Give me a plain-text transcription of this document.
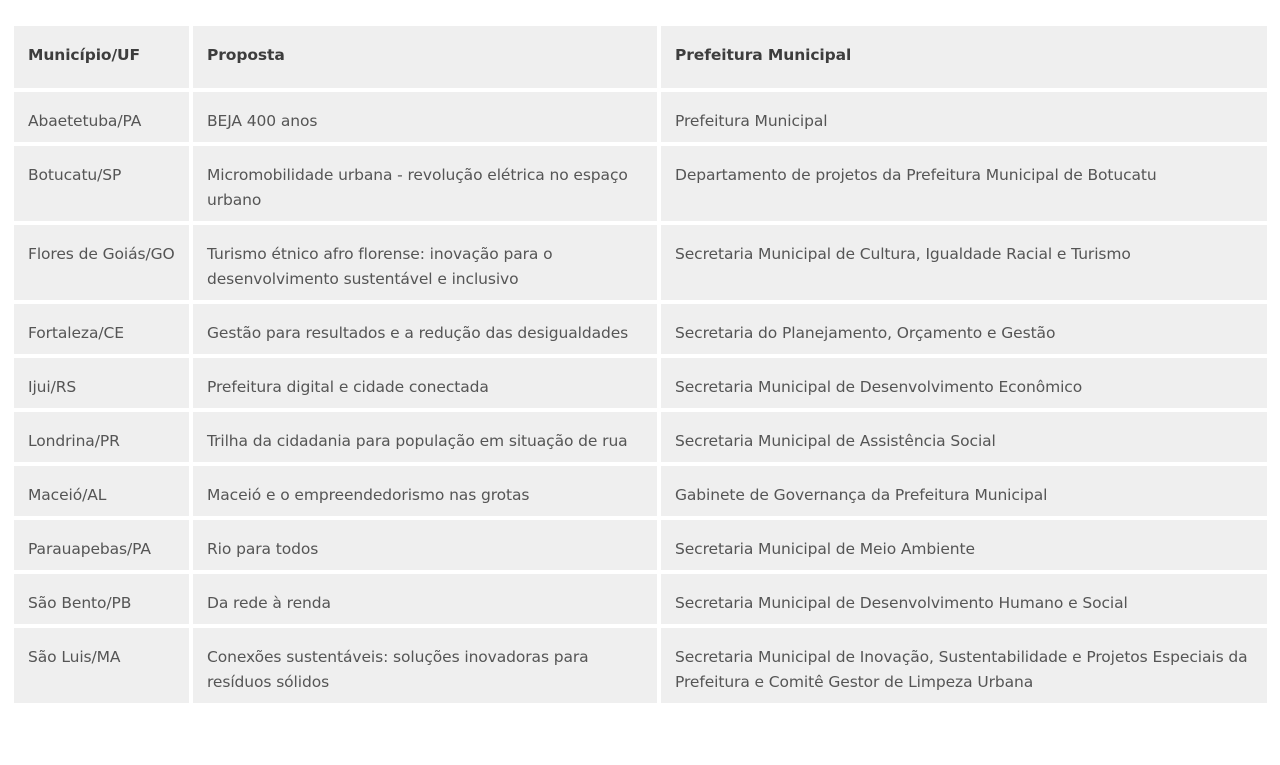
Município/UF	Proposta	Prefeitura Municipal
Abaetetuba/PA	BEJA 400 anos	Prefeitura Municipal
Botucatu/SP	Micromobilidade urbana - revolução elétrica no espaço urbano	Departamento de projetos da Prefeitura Municipal de Botucatu
Flores de Goiás/GO	Turismo étnico afro florense: inovação para o desenvolvimento sustentável e inclusivo	Secretaria Municipal de Cultura, Igualdade Racial e Turismo
Fortaleza/CE	Gestão para resultados e a redução das desigualdades	Secretaria do Planejamento, Orçamento e Gestão
Ijui/RS	Prefeitura digital e cidade conectada	Secretaria Municipal de Desenvolvimento Econômico
Londrina/PR	Trilha da cidadania para população em situação de rua	Secretaria Municipal de Assistência Social
Maceió/AL	Maceió e o empreendedorismo nas grotas	Gabinete de Governança da Prefeitura Municipal
Parauapebas/PA	Rio para todos	Secretaria Municipal de Meio Ambiente
São Bento/PB	Da rede à renda	Secretaria Municipal de Desenvolvimento Humano e Social
São Luis/MA	Conexões sustentáveis: soluções inovadoras para resíduos sólidos	Secretaria Municipal de Inovação, Sustentabilidade e Projetos Especiais da Prefeitura e Comitê Gestor de Limpeza Urbana
